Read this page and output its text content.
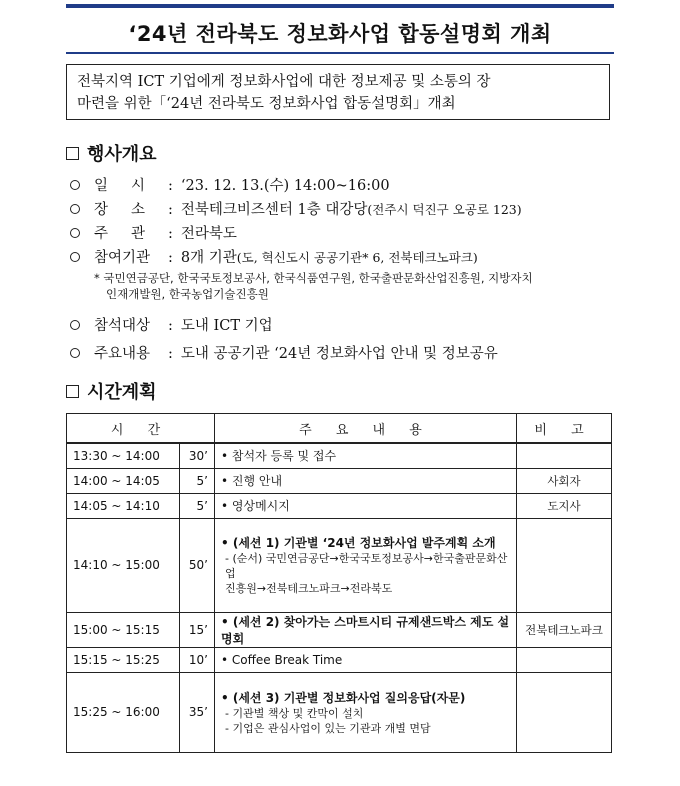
‘24년 전라북도 정보화사업 합동설명회 개최
전북지역 ICT 기업에게 정보화사업에 대한 정보제공 및 소통의 장
마련을 위한「‘24년 전라북도 정보화사업 합동설명회」개최
행사개요
일     시	: ‘23. 12. 13.(수) 14:00~16:00
장     소	: 전북테크비즈센터 1층 대강당 (전주시 덕진구 오공로 123)
주     관	: 전라북도
참여기관	: 8개 기관 (도, 혁신도시 공공기관* 6, 전북테크노파크)
* 국민연금공단, 한국국토정보공사, 한국식품연구원, 한국출판문화산업진흥원, 지방자치
인재개발원, 한국농업기술진흥원
참석대상	: 도내 ICT 기업
주요내용	: 도내 공공기관 ‘24년 정보화사업 안내 및 정보공유
시간계획
시 간		주 요 내 용	비 고
13:30 ~ 14:00	30’	• 참석자 등록 및 접수	
14:00 ~ 14:05	5’	• 진행 안내	사회자
14:05 ~ 14:10	5’	• 영상메시지	도지사
14:10 ~ 15:00	50’	• (세션 1) 기관별 ‘24년 정보화사업 발주계획 소개
- (순서) 국민연금공단→한국국토정보공사→한국출판문화산업
진흥원→전북테크노파크→전라북도	

15:00 ~ 15:15	15’	• (세션 2) 찾아가는 스마트시티 규제샌드박스 제도 설명회	전북테크노파크
15:15 ~ 15:25	10’	• Coffee Break Time	
15:25 ~ 16:00	35’	• (세션 3) 기관별 정보화사업 질의응답(자문)
- 기관별 책상 및 칸막이 설치
- 기업은 관심사업이 있는 기관과 개별 면담	
